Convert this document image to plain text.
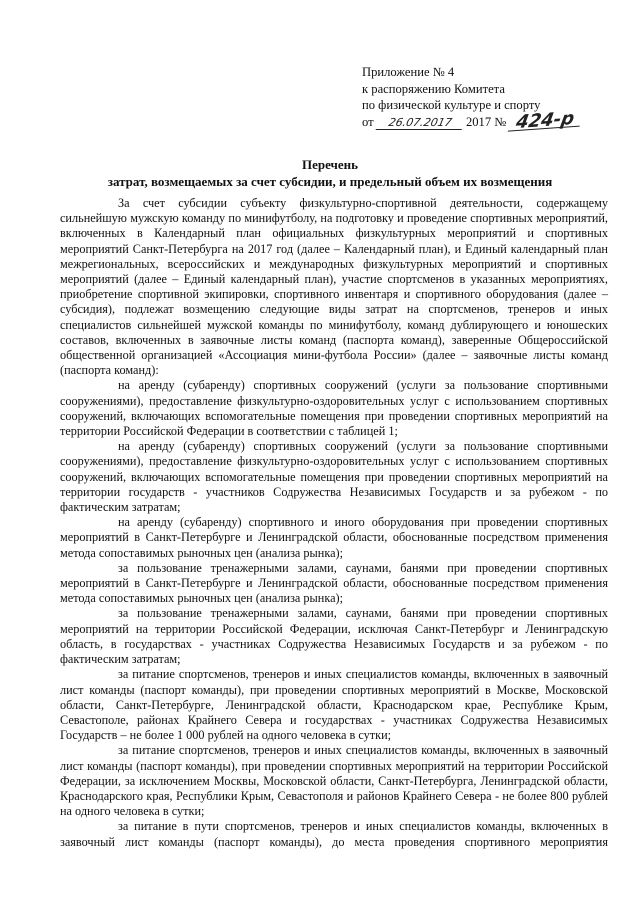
Приложение № 4
к распоряжению Комитета
по физической культуре и спорту
от 26.07.2017 2017 № 424-р
Перечень
затрат, возмещаемых за счет субсидии, и предельный объем их возмещения

За счет субсидии субъекту физкультурно-спортивной деятельности, содержащему сильнейшую мужскую команду по минифутболу, на подготовку и проведение спортивных мероприятий, включенных в Календарный план официальных физкультурных мероприятий и спортивных мероприятий Санкт-Петербурга на 2017 год (далее – Календарный план), и Единый календарный план межрегиональных, всероссийских и международных физкультурных мероприятий и спортивных мероприятий (далее – Единый календарный план), участие спортсменов в указанных мероприятиях, приобретение спортивной экипировки, спортивного инвентаря и спортивного оборудования (далее – субсидия), подлежат возмещению следующие виды затрат на спортсменов, тренеров и иных специалистов сильнейшей мужской команды по минифутболу, команд дублирующего и юношеских составов, включенных в заявочные листы команд (паспорта команд), заверенные Общероссийской общественной организацией «Ассоциация мини-футбола России» (далее – заявочные листы команд (паспорта команд):

на аренду (субаренду) спортивных сооружений (услуги за пользование спортивными сооружениями), предоставление физкультурно-оздоровительных услуг с использованием спортивных сооружений, включающих вспомогательные помещения при проведении спортивных мероприятий на территории Российской Федерации в соответствии с таблицей 1;

на аренду (субаренду) спортивных сооружений (услуги за пользование спортивными сооружениями), предоставление физкультурно-оздоровительных услуг с использованием спортивных сооружений, включающих вспомогательные помещения при проведении спортивных мероприятий на территории государств - участников Содружества Независимых Государств и за рубежом - по фактическим затратам;

на аренду (субаренду) спортивного и иного оборудования при проведении спортивных мероприятий в Санкт-Петербурге и Ленинградской области, обоснованные посредством применения метода сопоставимых рыночных цен (анализа рынка);

за пользование тренажерными залами, саунами, банями при проведении спортивных мероприятий в Санкт-Петербурге и Ленинградской области, обоснованные посредством применения метода сопоставимых рыночных цен (анализа рынка);

за пользование тренажерными залами, саунами, банями при проведении спортивных мероприятий на территории Российской Федерации, исключая Санкт-Петербург и Ленинградскую область, в государствах - участниках Содружества Независимых Государств и за рубежом - по фактическим затратам;

за питание спортсменов, тренеров и иных специалистов команды, включенных в заявочный лист команды (паспорт команды), при проведении спортивных мероприятий в Москве, Московской области, Санкт-Петербурге, Ленинградской области, Краснодарском крае, Республике Крым, Севастополе, районах Крайнего Севера и государствах - участниках Содружества Независимых Государств – не более 1 000 рублей на одного человека в сутки;

за питание спортсменов, тренеров и иных специалистов команды, включенных в заявочный лист команды (паспорт команды), при проведении спортивных мероприятий на территории Российской Федерации, за исключением Москвы, Московской области, Санкт-Петербурга, Ленинградской области, Краснодарского края, Республики Крым, Севастополя и районов Крайнего Севера - не более 800 рублей на одного человека в сутки;

за питание в пути спортсменов, тренеров и иных специалистов команды, включенных в заявочный лист команды (паспорт команды), до места проведения спортивного мероприятия
